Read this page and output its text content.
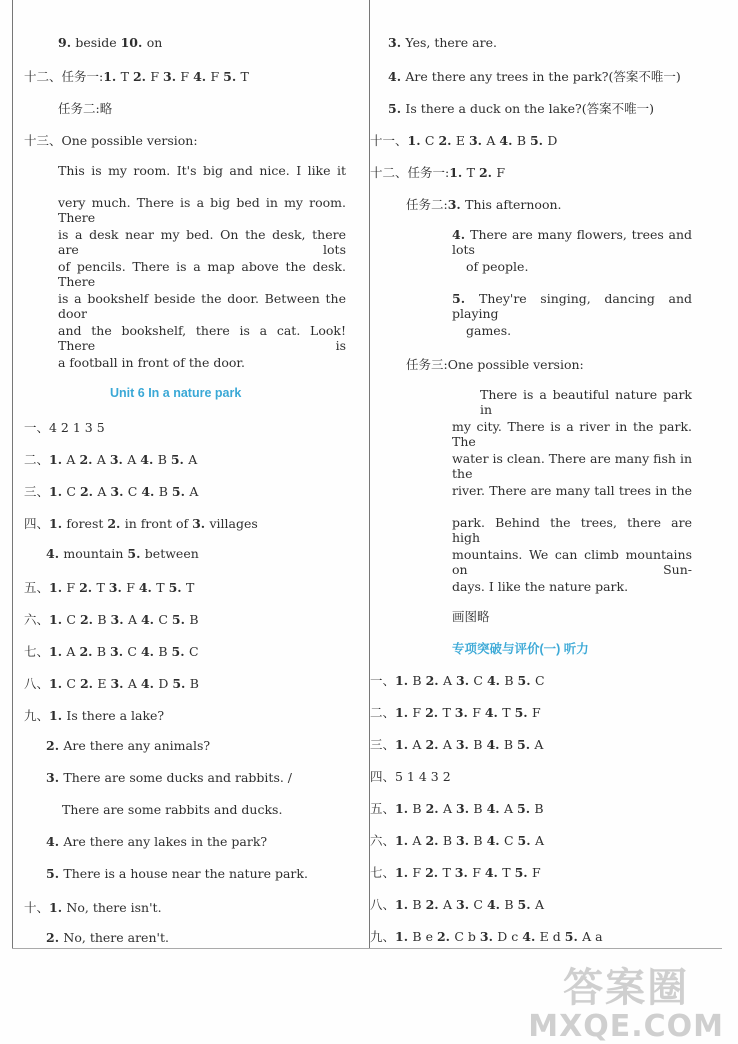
答案圈
MXQE.COM
9. beside 10. on
十二、任务一:1. T 2. F 3. F 4. F 5. T
任务二:略
十三、One possible version:
This is my room. It's big and nice. I like it
very much. There is a big bed in my room. There
is a desk near my bed. On the desk, there are lots
of pencils. There is a map above the desk. There
is a bookshelf beside the door. Between the door
and the bookshelf, there is a cat. Look! There is
a football in front of the door.
Unit 6 In a nature park
一、4 2 1 3 5
二、1. A 2. A 3. A 4. B 5. A
三、1. C 2. A 3. C 4. B 5. A
四、1. forest 2. in front of 3. villages
4. mountain 5. between
五、1. F 2. T 3. F 4. T 5. T
六、1. C 2. B 3. A 4. C 5. B
七、1. A 2. B 3. C 4. B 5. C
八、1. C 2. E 3. A 4. D 5. B
九、1. Is there a lake?
2. Are there any animals?
3. There are some ducks and rabbits. /
There are some rabbits and ducks.
4. Are there any lakes in the park?
5. There is a house near the nature park.
十、1. No, there isn't.
2. No, there aren't.
3. Yes, there are.
4. Are there any trees in the park?(答案不唯一)
5. Is there a duck on the lake?(答案不唯一)
十一、1. C 2. E 3. A 4. B 5. D
十二、任务一:1. T 2. F
任务二:3. This afternoon.
4. There are many flowers, trees and lots
of people.
5. They're singing, dancing and playing
games.
任务三:One possible version:
There is a beautiful nature park in
my city. There is a river in the park. The
water is clean. There are many fish in the
river. There are many tall trees in the
park. Behind the trees, there are high
mountains. We can climb mountains on Sun-
days. I like the nature park.
画图略
专项突破与评价(一) 听力
一、1. B 2. A 3. C 4. B 5. C
二、1. F 2. T 3. F 4. T 5. F
三、1. A 2. A 3. B 4. B 5. A
四、5 1 4 3 2
五、1. B 2. A 3. B 4. A 5. B
六、1. A 2. B 3. B 4. C 5. A
七、1. F 2. T 3. F 4. T 5. F
八、1. B 2. A 3. C 4. B 5. A
九、1. B e 2. C b 3. D c 4. E d 5. A a
